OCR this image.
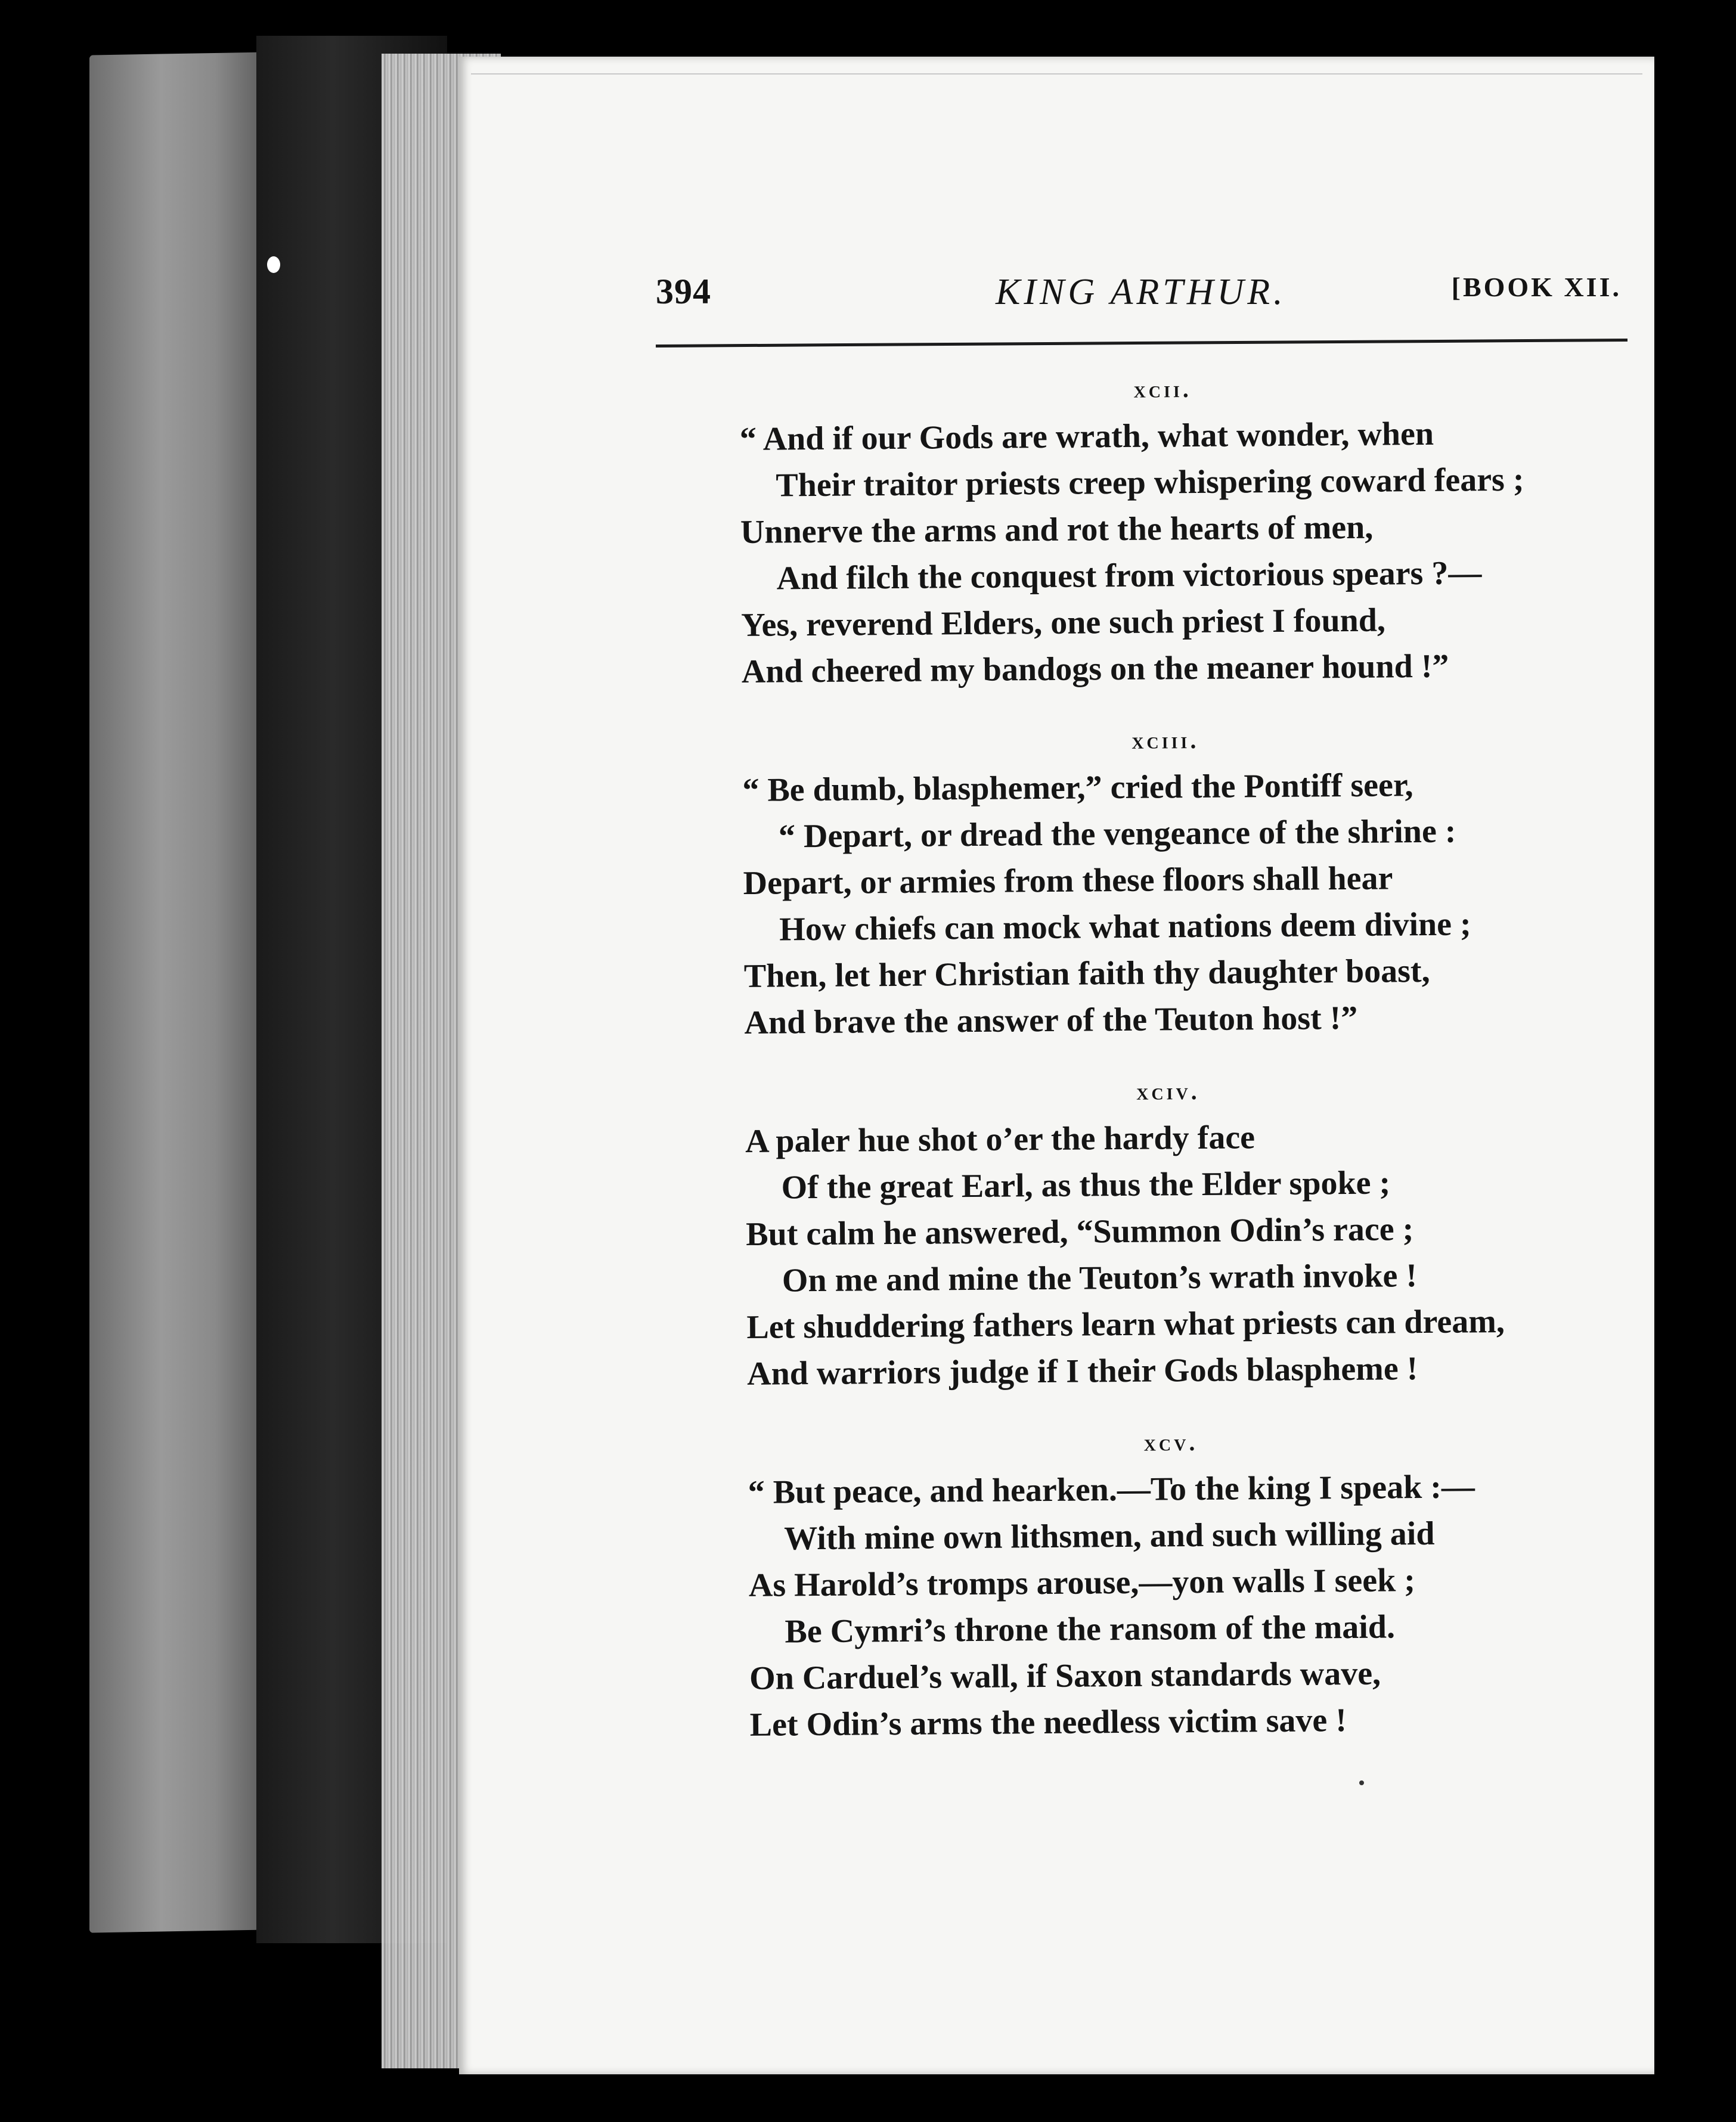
394	KING ARTHUR.	[BOOK XII.
xcii.
“ And if our Gods are wrath, what wonder, when
Their traitor priests creep whispering coward fears ;
Unnerve the arms and rot the hearts of men,
And filch the conquest from victorious spears ?—
Yes, reverend Elders, one such priest I found,
And cheered my bandogs on the meaner hound !”
xciii.
“ Be dumb, blasphemer,” cried the Pontiff seer,
“ Depart, or dread the vengeance of the shrine :
Depart, or armies from these floors shall hear
How chiefs can mock what nations deem divine ;
Then, let her Christian faith thy daughter boast,
And brave the answer of the Teuton host !”
xciv.
A paler hue shot o’er the hardy face
Of the great Earl, as thus the Elder spoke ;
But calm he answered, “Summon Odin’s race ;
On me and mine the Teuton’s wrath invoke !
Let shuddering fathers learn what priests can dream,
And warriors judge if I their Gods blaspheme !
xcv.
“ But peace, and hearken.—To the king I speak :—
With mine own lithsmen, and such willing aid
As Harold’s tromps arouse,—yon walls I seek ;
Be Cymri’s throne the ransom of the maid.
On Carduel’s wall, if Saxon standards wave,
Let Odin’s arms the needless victim save !
